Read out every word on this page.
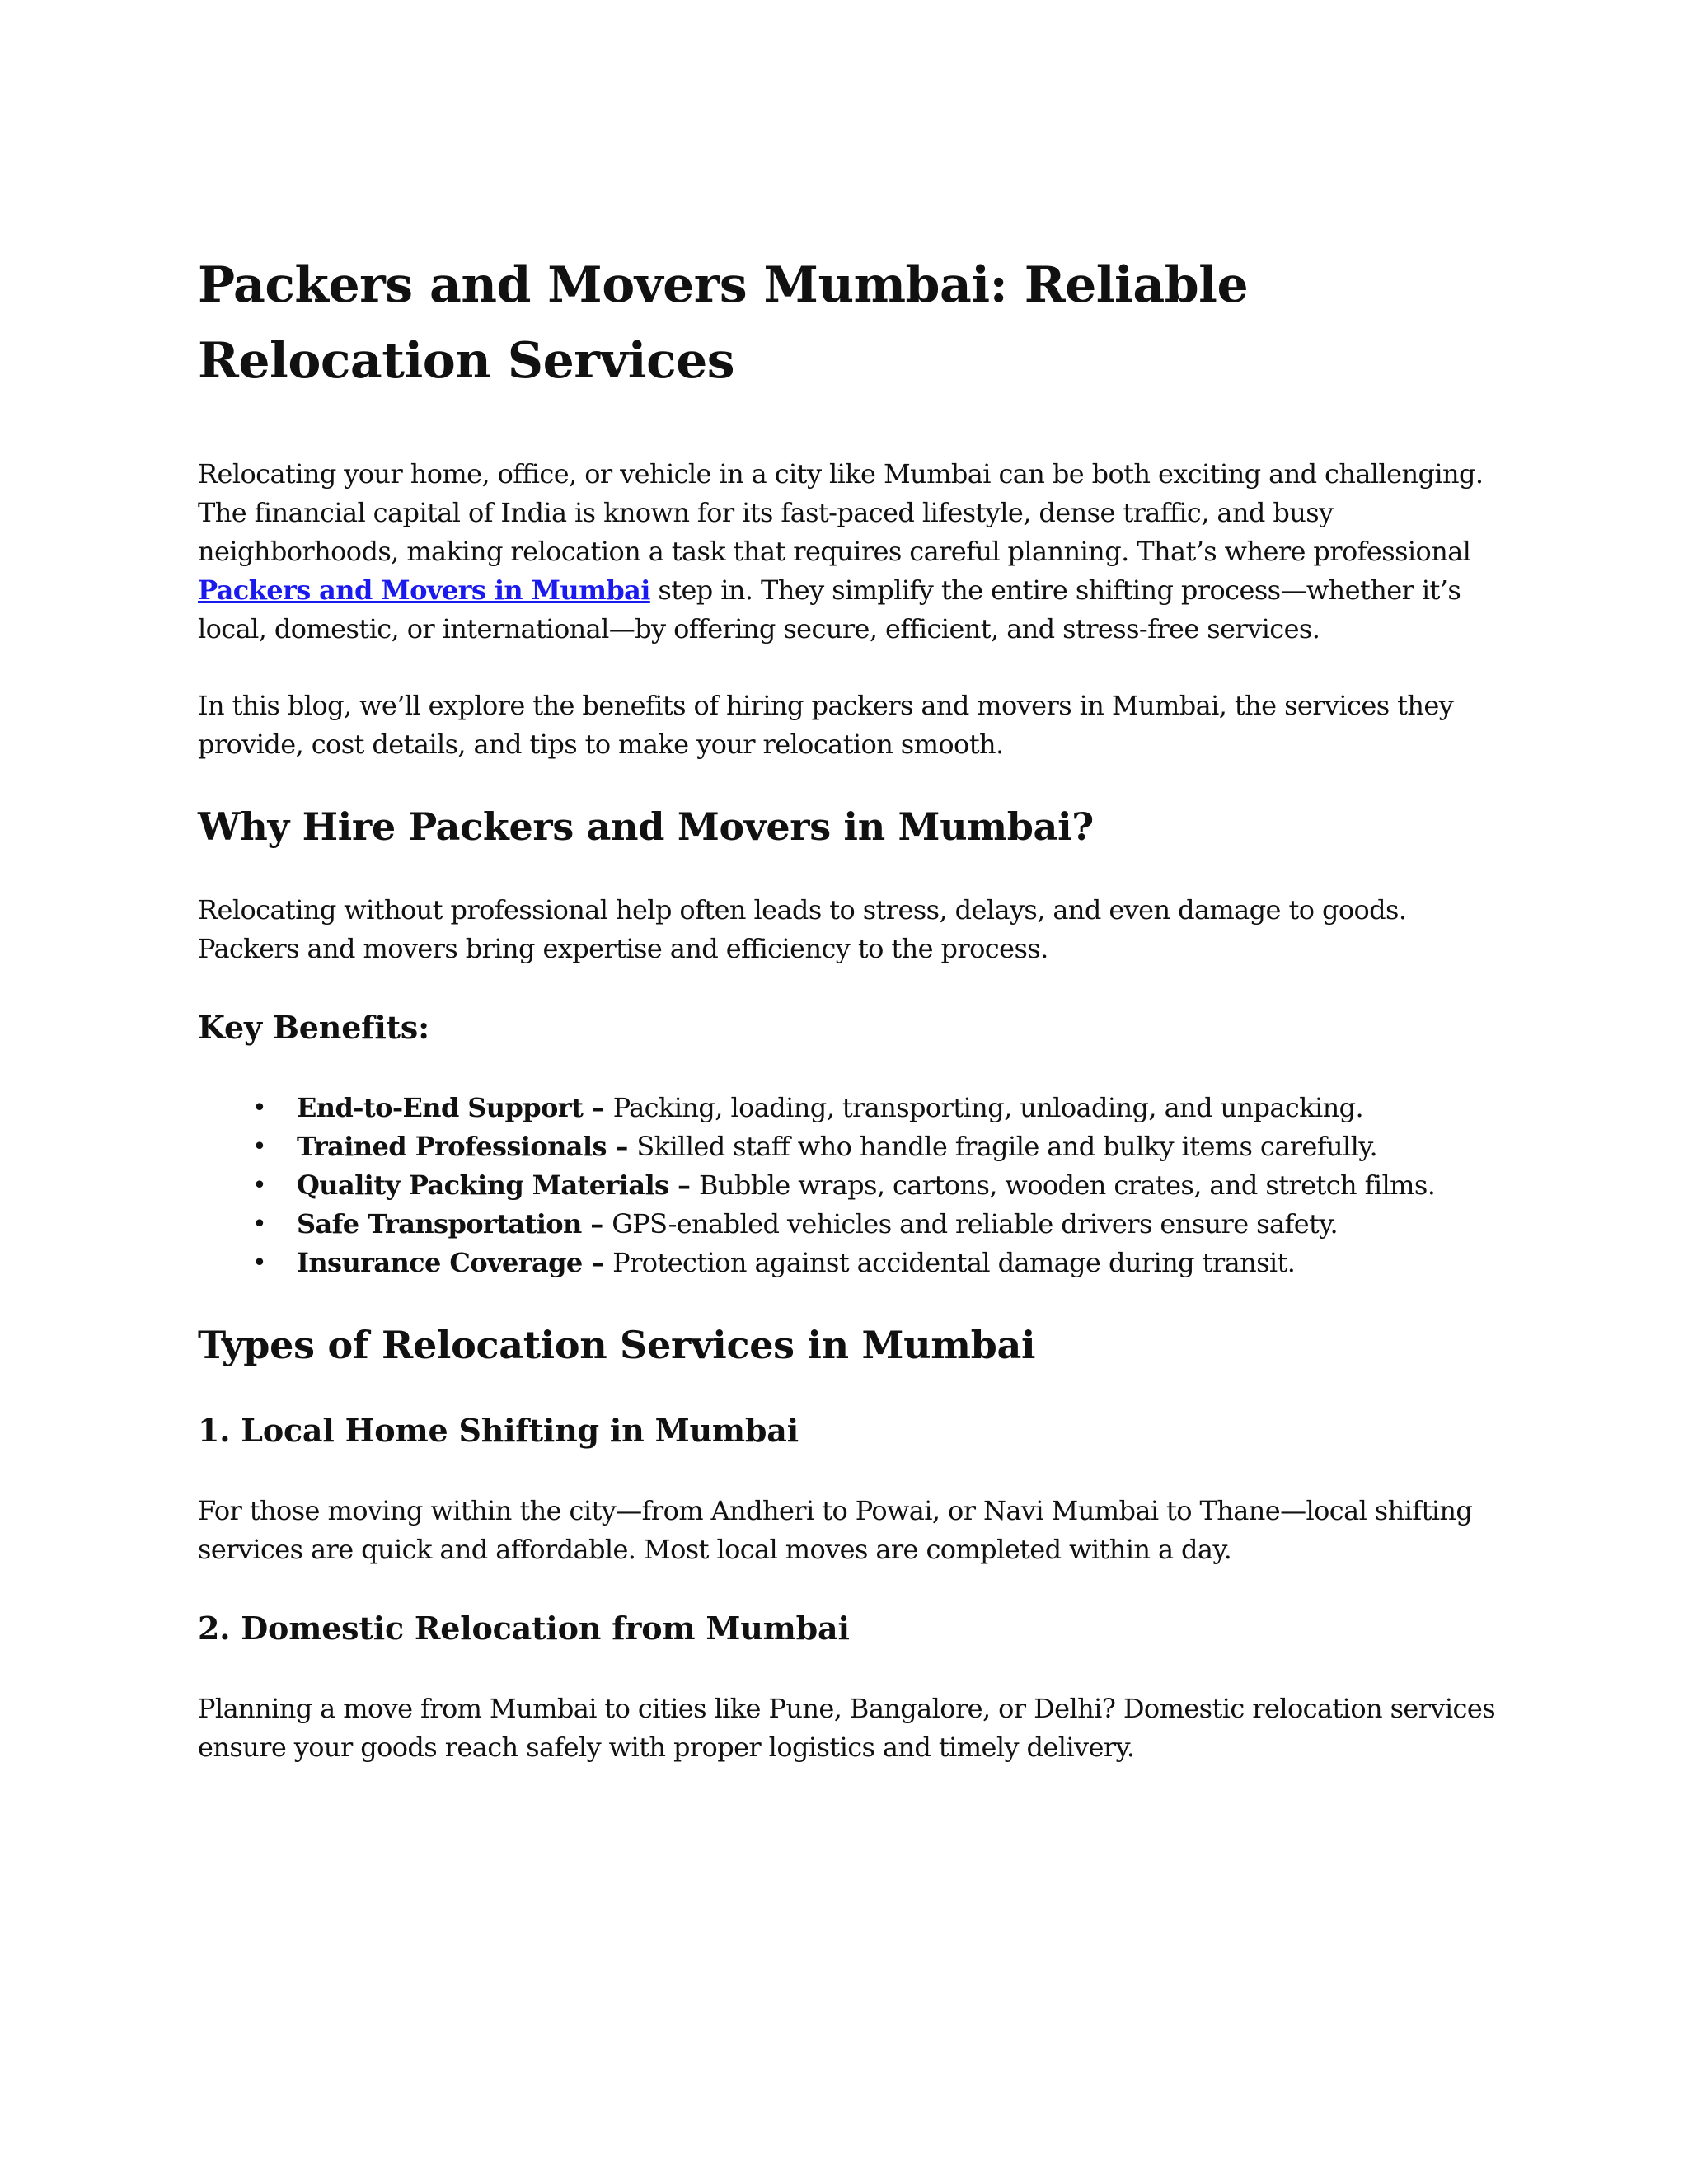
Packers and Movers Mumbai: Reliable Relocation Services

Relocating your home, office, or vehicle in a city like Mumbai can be both exciting and challenging. The financial capital of India is known for its fast-paced lifestyle, dense traffic, and busy neighborhoods, making relocation a task that requires careful planning. That’s where professional Packers and Movers in Mumbai step in. They simplify the entire shifting process—whether it’s local, domestic, or international—by offering secure, efficient, and stress-free services.

In this blog, we’ll explore the benefits of hiring packers and movers in Mumbai, the services they provide, cost details, and tips to make your relocation smooth.

Why Hire Packers and Movers in Mumbai?

Relocating without professional help often leads to stress, delays, and even damage to goods. Packers and movers bring expertise and efficiency to the process.

Key Benefits:
• End-to-End Support – Packing, loading, transporting, unloading, and unpacking.
• Trained Professionals – Skilled staff who handle fragile and bulky items carefully.
• Quality Packing Materials – Bubble wraps, cartons, wooden crates, and stretch films.
• Safe Transportation – GPS-enabled vehicles and reliable drivers ensure safety.
• Insurance Coverage – Protection against accidental damage during transit.
Types of Relocation Services in Mumbai
1. Local Home Shifting in Mumbai

For those moving within the city—from Andheri to Powai, or Navi Mumbai to Thane—local shifting services are quick and affordable. Most local moves are completed within a day.

2. Domestic Relocation from Mumbai

Planning a move from Mumbai to cities like Pune, Bangalore, or Delhi? Domestic relocation services ensure your goods reach safely with proper logistics and timely delivery.
